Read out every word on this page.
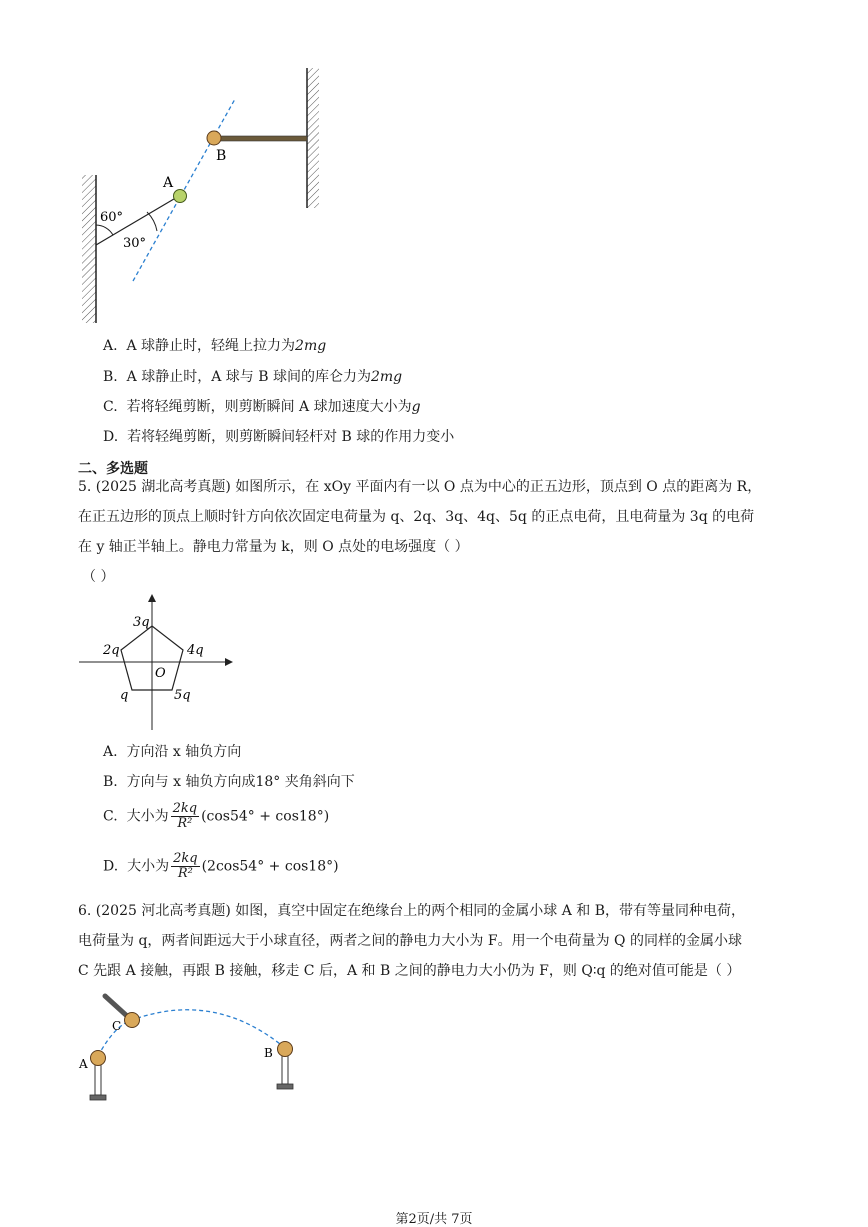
B
A
60°
30°
A. A 球静止时，轻绳上拉力为2mg
B. A 球静止时，A 球与 B 球间的库仑力为2mg
C. 若将轻绳剪断，则剪断瞬间 A 球加速度大小为g
D. 若将轻绳剪断，则剪断瞬间轻杆对 B 球的作用力变小
二、多选题
5. (2025 湖北高考真题) 如图所示，在 xOy 平面内有一以 O 点为中心的正五边形，顶点到 O 点的距离为 R，
在正五边形的顶点上顺时针方向依次固定电荷量为 q、2q、3q、4q、5q 的正点电荷，且电荷量为 3q 的电荷
在 y 轴正半轴上。静电力常量为 k，则 O 点处的电场强度（ ）
（ ）
3q
2q	4q
q	5q
O
A. 方向沿 x 轴负方向
B. 方向与 x 轴负方向成18° 夹角斜向下
C. 大小为 $\frac{2kq}{\text{R²}} (\cos 54^\circ + \cos 18^\circ)$
D. 大小为 $\frac{2kq}{\text{R²}} (2\cos 54^\circ + \cos 18^\circ)$
6. (2025 河北高考真题) 如图，真空中固定在绝缘台上的两个相同的金属小球 A 和 B，带有等量同种电荷，
电荷量为 q，两者间距远大于小球直径，两者之间的静电力大小为 F。用一个电荷量为 Q 的同样的金属小球
C 先跟 A 接触，再跟 B 接触，移走 C 后，A 和 B 之间的静电力大小仍为 F，则 Q∶q 的绝对值可能是（ ）
C
A
B
第2页/共 7页
